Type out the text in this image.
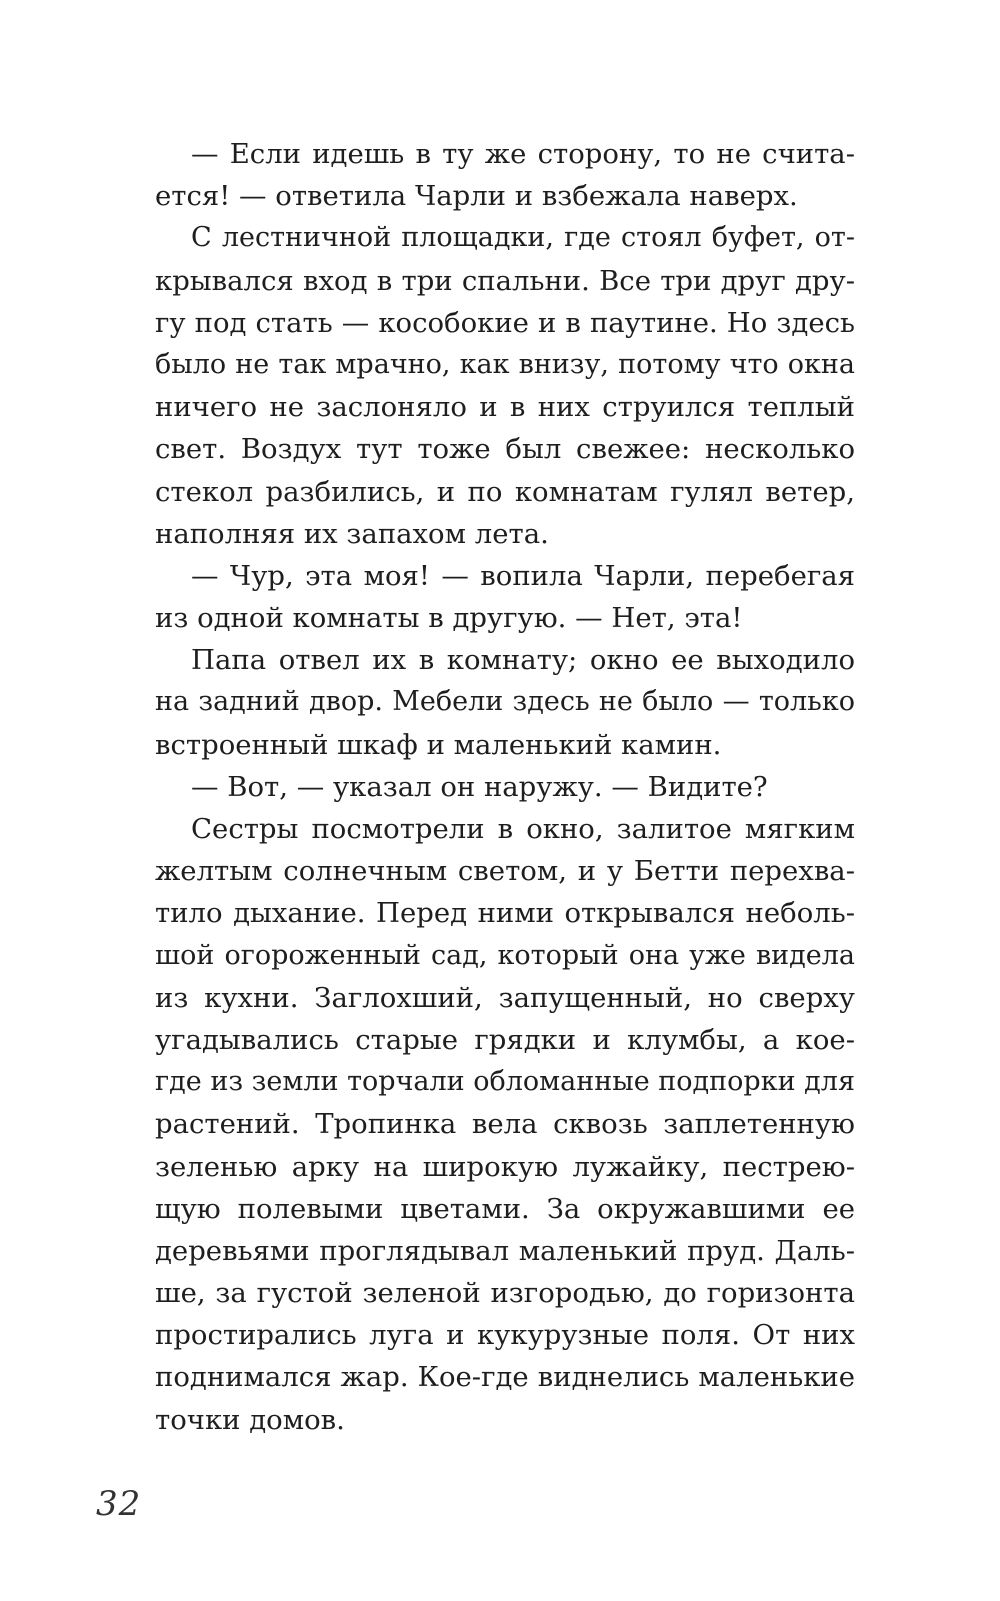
— Если идешь в ту же сторону, то не счита-
ется! — ответила Чарли и взбежала наверх.
С лестничной площадки, где стоял буфет, от-
крывался вход в три спальни. Все три друг дру-
гу под стать — кособокие и в паутине. Но здесь
было не так мрачно, как внизу, потому что окна
ничего не заслоняло и в них струился теплый
свет. Воздух тут тоже был свежее: несколько
стекол разбились, и по комнатам гулял ветер,
наполняя их запахом лета.
— Чур, эта моя! — вопила Чарли, перебегая
из одной комнаты в другую. — Нет, эта!
Папа отвел их в комнату; окно ее выходило
на задний двор. Мебели здесь не было — только
встроенный шкаф и маленький камин.
— Вот, — указал он наружу. — Видите?
Сестры посмотрели в окно, залитое мягким
желтым солнечным светом, и у Бетти перехва-
тило дыхание. Перед ними открывался неболь-
шой огороженный сад, который она уже видела
из кухни. Заглохший, запущенный, но сверху
угадывались старые грядки и клумбы, а кое-
где из земли торчали обломанные подпорки для
растений. Тропинка вела сквозь заплетенную
зеленью арку на широкую лужайку, пестрею-
щую полевыми цветами. За окружавшими ее
деревьями проглядывал маленький пруд. Даль-
ше, за густой зеленой изгородью, до горизонта
простирались луга и кукурузные поля. От них
поднимался жар. Кое-где виднелись маленькие
точки домов.
32
